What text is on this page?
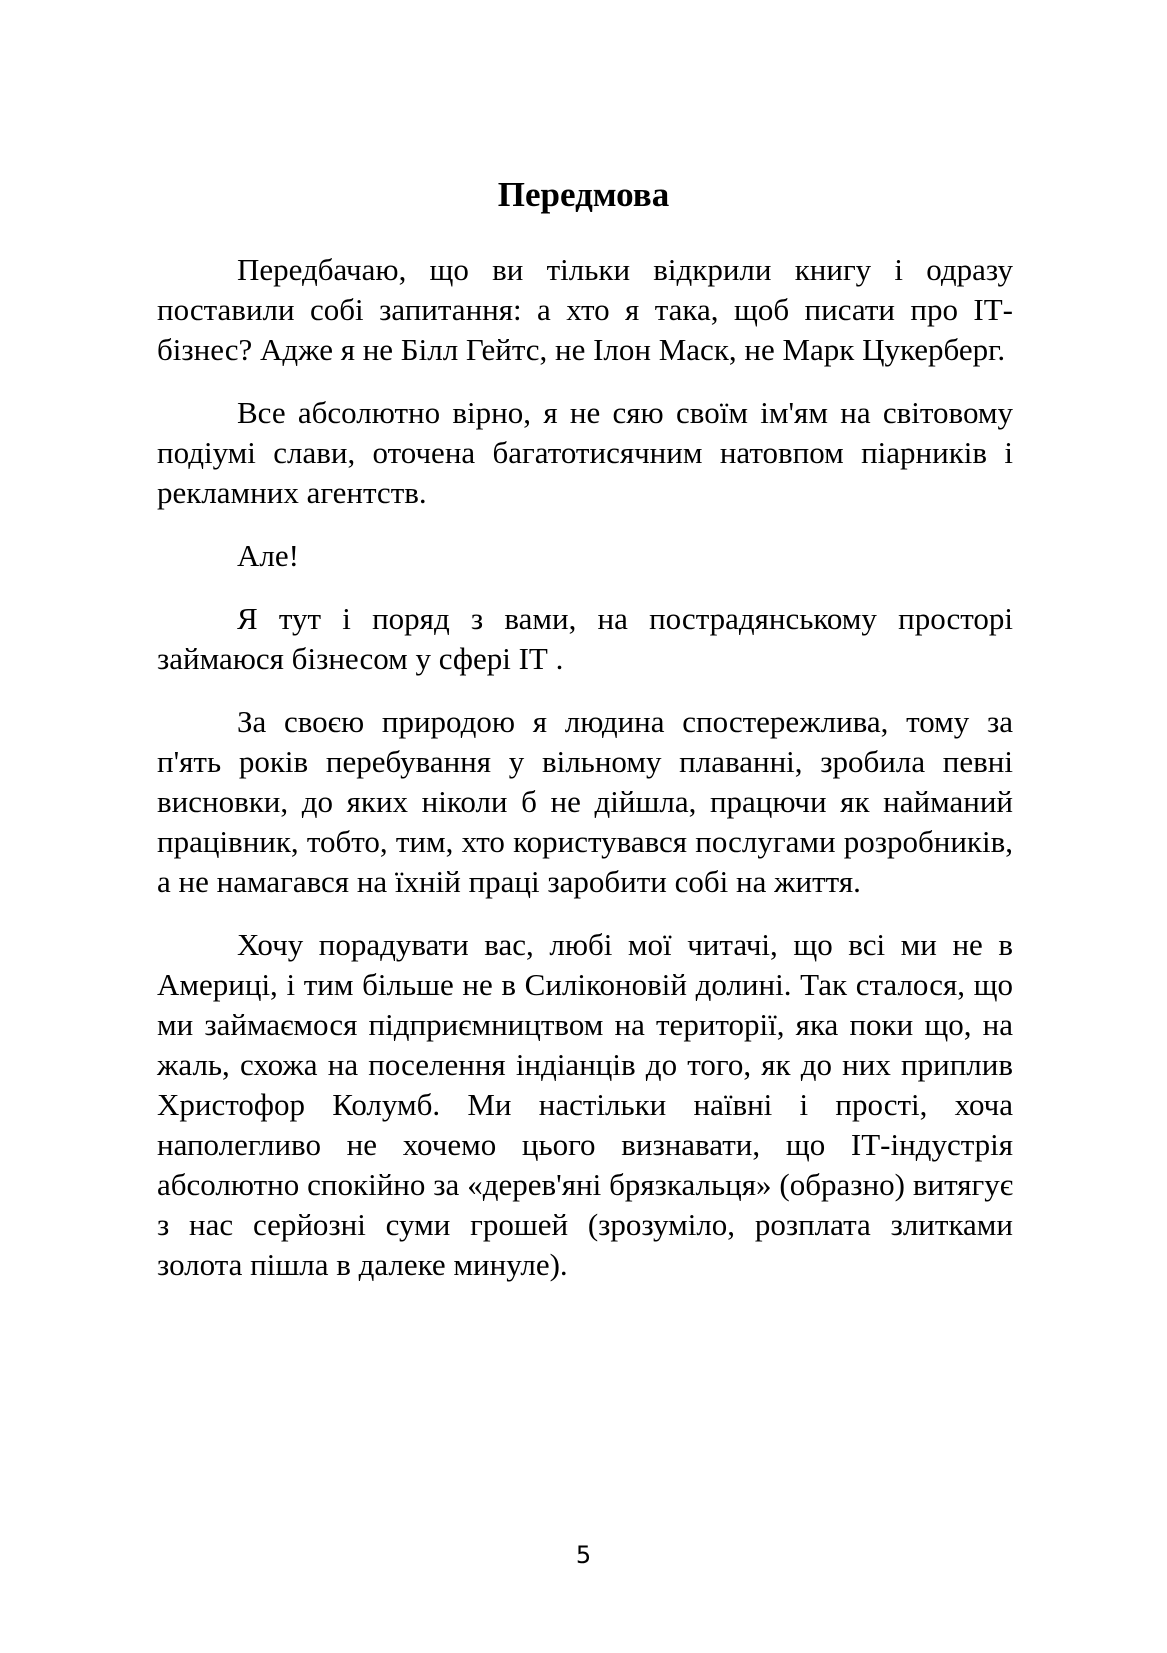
Передмова

Передбачаю, що ви тільки відкрили книгу і одразу поставили собі запитання: а хто я така, щоб писати про ІТ-бізнес? Адже я не Білл Гейтс, не Ілон Маск, не Марк Цукерберг.

Все абсолютно вірно, я не сяю своїм ім'ям на світовому подіумі слави, оточена багатотисячним натовпом піарників і рекламних агентств.

Але!

Я тут і поряд з вами, на пострадянському просторі займаюся бізнесом у сфері ІТ .

За своєю природою я людина спостережлива, тому за п'ять років перебування у вільному плаванні, зробила певні висновки, до яких ніколи б не дійшла, працючи як найманий працівник, тобто, тим, хто користувався послугами розробників, а не намагався на їхній праці заробити собі на життя.

Хочу порадувати вас, любі мої читачі, що всі ми не в Америці, і тим більше не в Силіконовій долині. Так сталося, що ми займаємося підприємництвом на території, яка поки що, на жаль, схожа на поселення індіанців до того, як до них приплив Христофор Колумб. Ми настільки наївні і прості, хоча наполегливо не хочемо цього визнавати, що ІТ-індустрія абсолютно спокійно за «дерев'яні брязкальця» (образно) витягує з нас серйозні суми грошей (зрозуміло, розплата злитками золота пішла в далеке минуле).

5
